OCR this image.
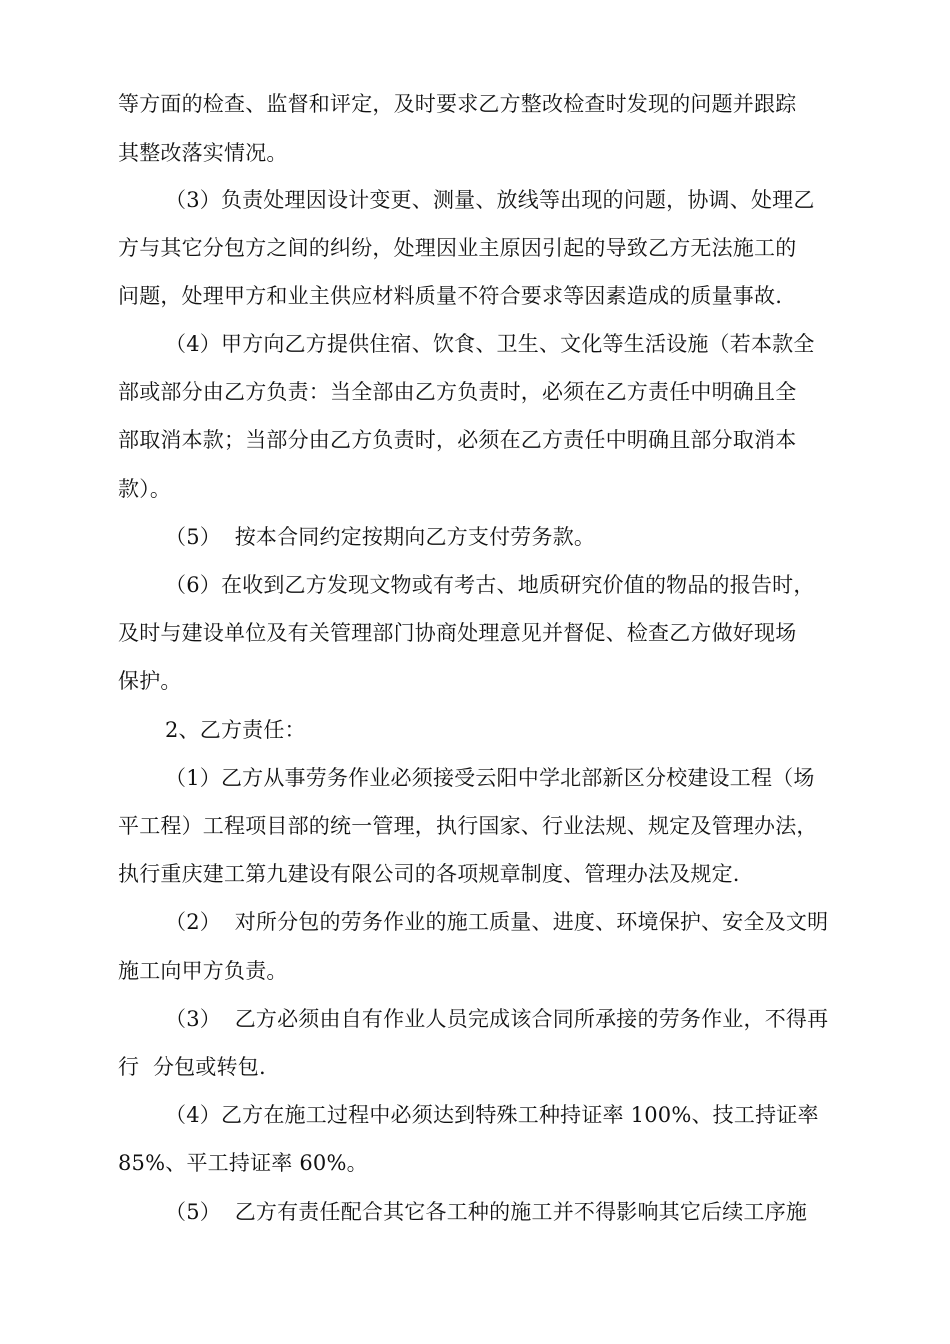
等方面的检查、监督和评定，及时要求乙方整改检查时发现的问题并跟踪
其整改落实情况。
（3）负责处理因设计变更、测量、放线等出现的问题，协调、处理乙
方与其它分包方之间的纠纷，处理因业主原因引起的导致乙方无法施工的
问题，处理甲方和业主供应材料质量不符合要求等因素造成的质量事故.
（4）甲方向乙方提供住宿、饮食、卫生、文化等生活设施（若本款全
部或部分由乙方负责：当全部由乙方负责时，必须在乙方责任中明确且全
部取消本款；当部分由乙方负责时，必须在乙方责任中明确且部分取消本
款）。
（5）  按本合同约定按期向乙方支付劳务款。
（6）在收到乙方发现文物或有考古、地质研究价值的物品的报告时，
及时与建设单位及有关管理部门协商处理意见并督促、检查乙方做好现场
保护。
2、乙方责任：
（1）乙方从事劳务作业必须接受云阳中学北部新区分校建设工程（场
平工程）工程项目部的统一管理，执行国家、行业法规、规定及管理办法，
执行重庆建工第九建设有限公司的各项规章制度、管理办法及规定.
（2）  对所分包的劳务作业的施工质量、进度、环境保护、安全及文明
施工向甲方负责。
（3）  乙方必须由自有作业人员完成该合同所承接的劳务作业，不得再
行  分包或转包.
（4）乙方在施工过程中必须达到特殊工种持证率 100%、技工持证率
85%、平工持证率 60%。
（5）  乙方有责任配合其它各工种的施工并不得影响其它后续工序施
